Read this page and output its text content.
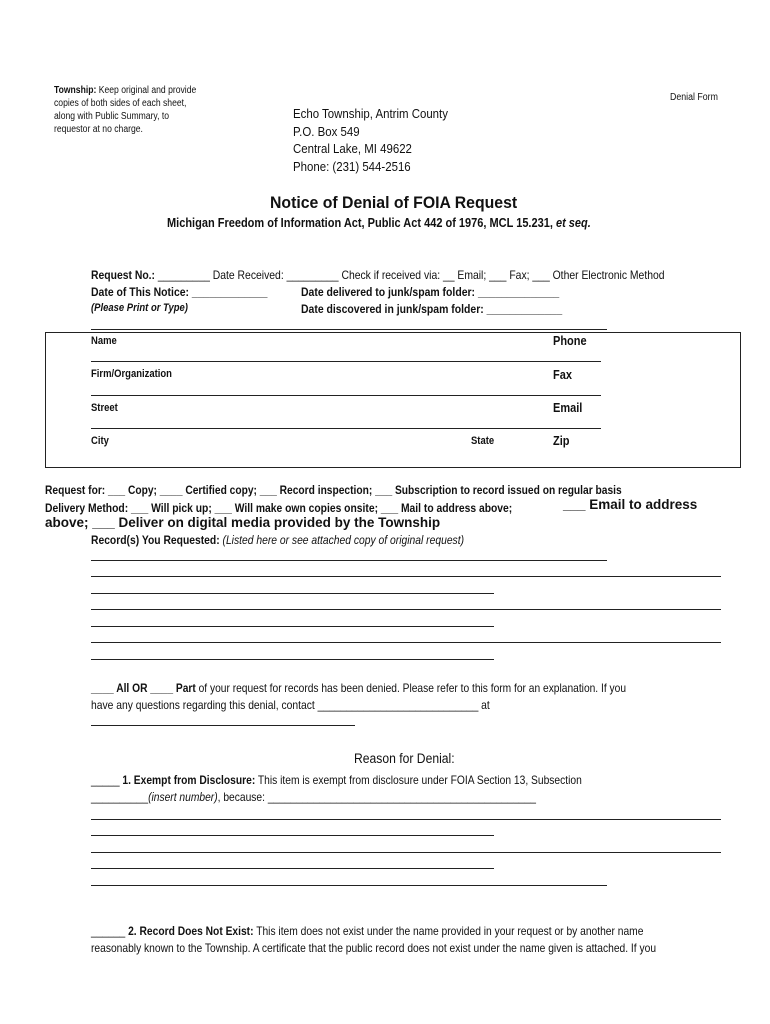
Township: Keep original and provide
copies of both sides of each sheet,
along with Public Summary, to
requestor at no charge.
Denial Form
Echo Township, Antrim County
P.O. Box 549
Central Lake, MI 49622
Phone: (231) 544-2516
Notice of Denial of FOIA Request
Michigan Freedom of Information Act, Public Act 442 of 1976, MCL 15.231, et seq.
Request No.: _________ Date Received: _________ Check if received via: __ Email; ___ Fax; ___ Other Electronic Method
Date of This Notice: _____________	Date delivered to junk/spam folder: ______________
(Please Print or Type)	Date discovered in junk/spam folder: _____________
Name	Phone
Firm/Organization	Fax
Street	Email
City	State	Zip
Request for: ___ Copy; ____ Certified copy; ___ Record inspection; ___ Subscription to record issued on regular basis
Delivery Method: ___ Will pick up; ___ Will make own copies onsite; ___ Mail to address above;	___ Email to address
above; ___ Deliver on digital media provided by the Township
Record(s) You Requested: (Listed here or see attached copy of original request)
____ All OR ____ Part of your request for records has been denied. Please refer to this form for an explanation. If you
have any questions regarding this denial, contact ____________________________ at
Reason for Denial:
_____ 1. Exempt from Disclosure: This item is exempt from disclosure under FOIA Section 13, Subsection
__________(insert number), because: _______________________________________________
______ 2. Record Does Not Exist: This item does not exist under the name provided in your request or by another name
reasonably known to the Township. A certificate that the public record does not exist under the name given is attached. If you
